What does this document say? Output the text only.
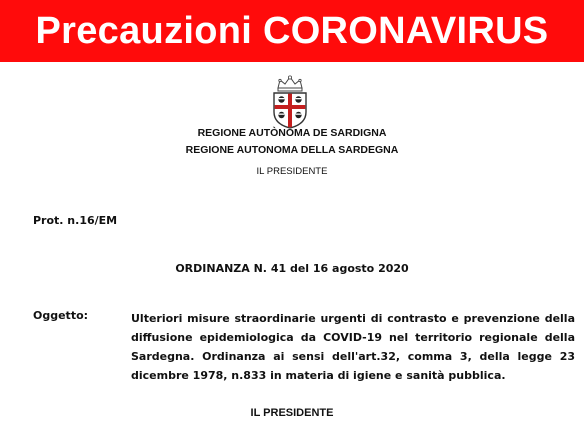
Precauzioni CORONAVIRUS
REGIONE AUTÒNOMA DE SARDIGNA
REGIONE AUTONOMA DELLA SARDEGNA
IL PRESIDENTE
Prot. n.16/EM
ORDINANZA N. 41 del 16 agosto 2020
Oggetto:	Ulteriori misure straordinarie urgenti di contrasto e prevenzione della
diffusione epidemiologica da COVID-19 nel territorio regionale della
Sardegna. Ordinanza ai sensi dell'art.32, comma 3, della legge 23
dicembre 1978, n.833 in materia di igiene e sanità pubblica.
IL PRESIDENTE
